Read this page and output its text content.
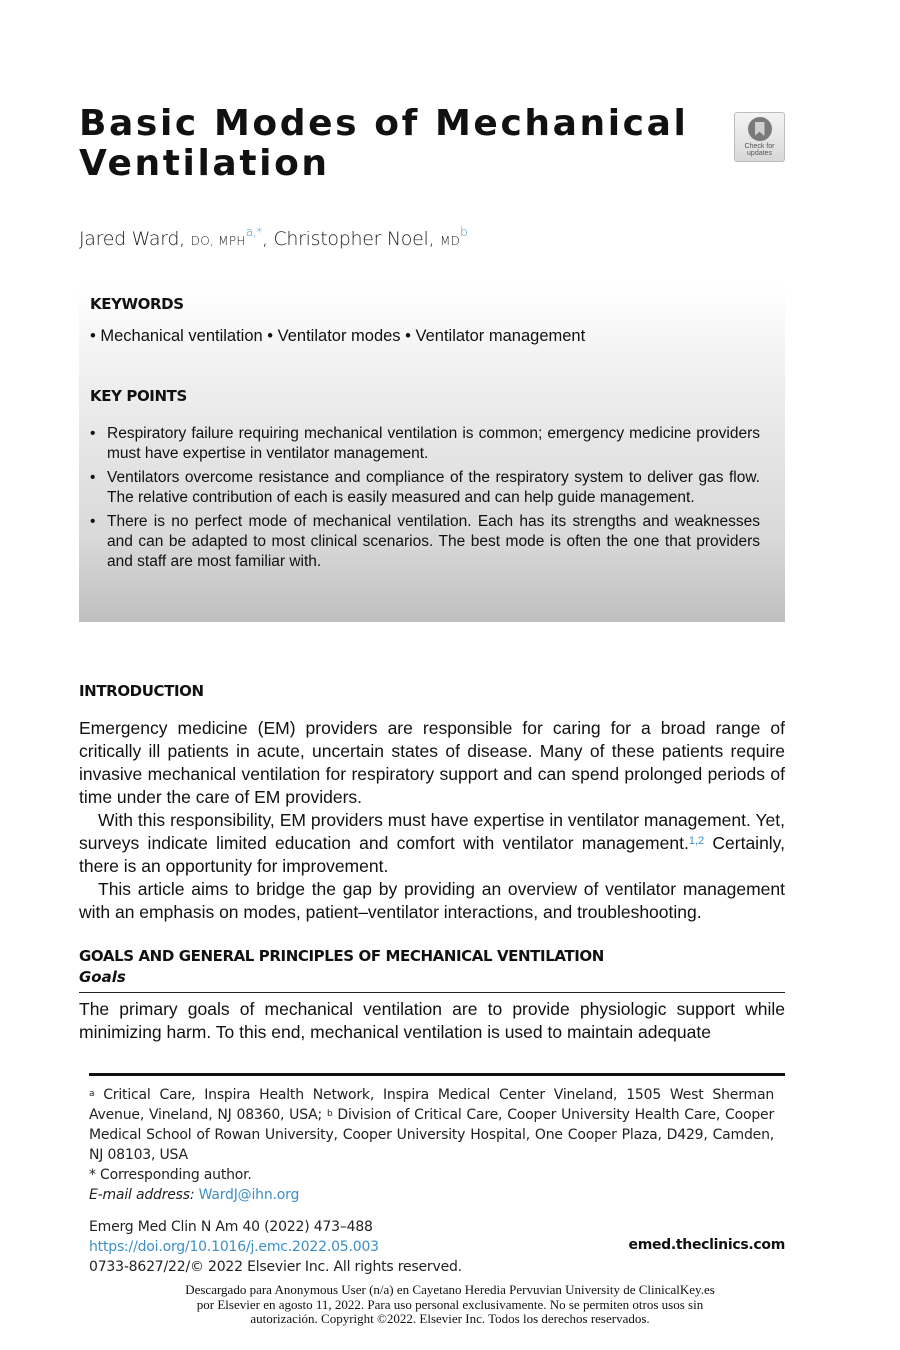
Basic Modes of Mechanical
Ventilation	Check for
updates
Jared Ward, DO, $MPH^{a,*}$, Christopher Noel, $MD^b$
KEYWORDS
• Mechanical ventilation • Ventilator modes • Ventilator management
KEY POINTS
• Respiratory failure requiring mechanical ventilation is common; emergency medicine providers must have expertise in ventilator management.
• Ventilators overcome resistance and compliance of the respiratory system to deliver gas flow. The relative contribution of each is easily measured and can help guide management.
• There is no perfect mode of mechanical ventilation. Each has its strengths and weaknesses and can be adapted to most clinical scenarios. The best mode is often the one that providers and staff are most familiar with.
INTRODUCTION

Emergency medicine (EM) providers are responsible for caring for a broad range of critically ill patients in acute, uncertain states of disease. Many of these patients require invasive mechanical ventilation for respiratory support and can spend prolonged periods of time under the care of EM providers.

With this responsibility, EM providers must have expertise in ventilator management. Yet, surveys indicate limited education and comfort with ventilator management.$^{1,2}$ Certainly, there is an opportunity for improvement.

This article aims to bridge the gap by providing an overview of ventilator management with an emphasis on modes, patient–ventilator interactions, and troubleshooting.

GOALS AND GENERAL PRINCIPLES OF MECHANICAL VENTILATION
Goals

The primary goals of mechanical ventilation are to provide physiologic support while minimizing harm. To this end, mechanical ventilation is used to maintain adequate

$^a$ Critical Care, Inspira Health Network, Inspira Medical Center Vineland, 1505 West Sherman Avenue, Vineland, NJ 08360, USA; $^b$ Division of Critical Care, Cooper University Health Care, Cooper Medical School of Rowan University, Cooper University Hospital, One Cooper Plaza, D429, Camden, NJ 08103, USA

* Corresponding author.

E-mail address: WardJ@ihn.org

Emerg Med Clin N Am 40 (2022) 473–488

https://doi.org/10.1016/j.emc.2022.05.003

0733-8627/22/© 2022 Elsevier Inc. All rights reserved.

emed.theclinics.com
Descargado para Anonymous User (n/a) en Cayetano Heredia Pervuvian University de ClinicalKey.es por Elsevier en agosto 11, 2022. Para uso personal exclusivamente. No se permiten otros usos sin autorización. Copyright ©2022. Elsevier Inc. Todos los derechos reservados.
